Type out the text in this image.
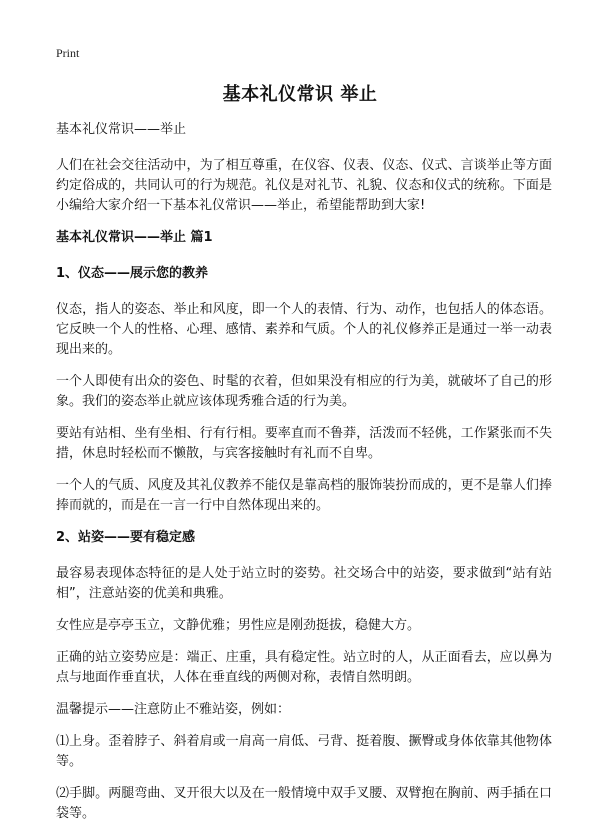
Print
基本礼仪常识 举止

基本礼仪常识——举止

人们在社会交往活动中，为了相互尊重，在仪容、仪表、仪态、仪式、言谈举止等方面约定俗成的，共同认可的行为规范。礼仪是对礼节、礼貌、仪态和仪式的统称。下面是小编给大家介绍一下基本礼仪常识——举止，希望能帮助到大家!

基本礼仪常识——举止 篇1

1、仪态——展示您的教养

仪态，指人的姿态、举止和风度，即一个人的表情、行为、动作，也包括人的体态语。它反映一个人的性格、心理、感情、素养和气质。个人的礼仪修养正是通过一举一动表现出来的。

一个人即使有出众的姿色、时髦的衣着，但如果没有相应的行为美，就破坏了自己的形象。我们的姿态举止就应该体现秀雅合适的行为美。

要站有站相、坐有坐相、行有行相。要率直而不鲁莽，活泼而不轻佻，工作紧张而不失措，休息时轻松而不懒散，与宾客接触时有礼而不自卑。

一个人的气质、风度及其礼仪教养不能仅是靠高档的服饰装扮而成的，更不是靠人们捧捧而就的，而是在一言一行中自然体现出来的。

2、站姿——要有稳定感

最容易表现体态特征的是人处于站立时的姿势。社交场合中的站姿，要求做到“站有站相”，注意站姿的优美和典雅。

女性应是亭亭玉立，文静优雅；男性应是刚劲挺拔，稳健大方。

正确的站立姿势应是：端正、庄重，具有稳定性。站立时的人，从正面看去，应以鼻为点与地面作垂直状，人体在垂直线的两侧对称，表情自然明朗。

温馨提示——注意防止不雅站姿，例如：

⑴上身。歪着脖子、斜着肩或一肩高一肩低、弓背、挺着腹、撅臀或身体依靠其他物体等。

⑵手脚。两腿弯曲、叉开很大以及在一般情境中双手叉腰、双臂抱在胸前、两手插在口袋等。
